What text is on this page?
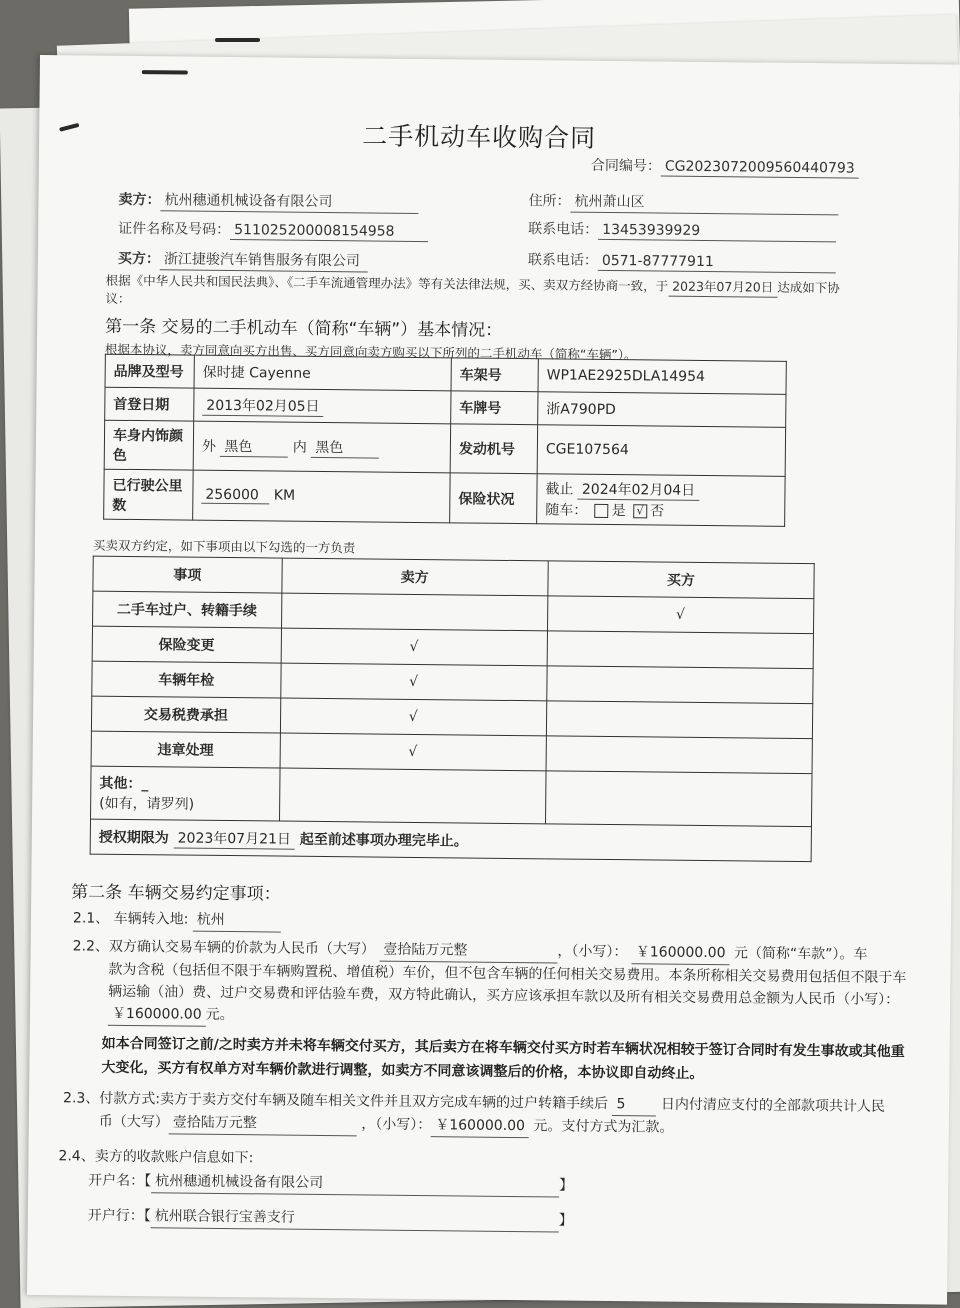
二手机动车收购合同
合同编号： CG2023072009560440793
卖方： 杭州穗通机械设备有限公司	住所： 杭州萧山区
证件名称及号码： 511025200008154958	联系电话： 13453939929
买方： 浙江捷骏汽车销售服务有限公司	联系电话： 0571-87777911
根据《中华人民共和国民法典》、《二手车流通管理办法》等有关法律法规，买、卖双方经协商一致，于 2023年07月20日 达成如下协
议：
第一条 交易的二手机动车（简称“车辆”）基本情况：
根据本协议，卖方同意向买方出售、买方同意向卖方购买以下所列的二手机动车（简称“车辆”）。
品牌及型号	保时捷 Cayenne	车架号	WP1AE2925DLA14954
首登日期	2013年02月05日	车牌号	浙A790PD
车身内饰颜色	外 黑色 内 黑色	发动机号	CGE107564
已行驶公里数	256000 KM	保险状况	截止 2024年02月04日
随车： 是 √ 否
买卖双方约定，如下事项由以下勾选的一方负责
事项	卖方	买方
二手车过户、转籍手续		√
保险变更	√	
车辆年检	√	
交易税费承担	√	
违章处理	√	

其他：_
(如有，请罗列)		

授权期限为 2023年07月21日 起至前述事项办理完毕止。		
第二条 车辆交易约定事项：
2.1、 车辆转入地: 杭州
2.2、双方确认交易车辆的价款为人民币（大写） 壹拾陆万元整	，（小写）： ￥160000.00 元（简称“车款”）。车
款为含税（包括但不限于车辆购置税、增值税）车价，但不包含车辆的任何相关交易费用。本条所称相关交易费用包括但不限于车
辆运输（油）费、过户交易费和评估验车费，双方特此确认，买方应该承担车款以及所有相关交易费用总金额为人民币（小写）：
￥160000.00 元。
如本合同签订之前/之时卖方并未将车辆交付买方，其后卖方在将车辆交付买方时若车辆状况相较于签订合同时有发生事故或其他重
大变化，买方有权单方对车辆价款进行调整，如卖方不同意该调整后的价格，本协议即自动终止。
2.3、付款方式:卖方于卖方交付车辆及随车相关文件并且双方完成车辆的过户转籍手续后 5	日内付清应支付的全部款项共计人民
币（大写） 壹拾陆万元整	，（小写）： ￥160000.00 元。支付方式为汇款。
2.4、卖方的收款账户信息如下:
开户名：【 杭州穗通机械设备有限公司	】
开户行：【 杭州联合银行宝善支行	】
